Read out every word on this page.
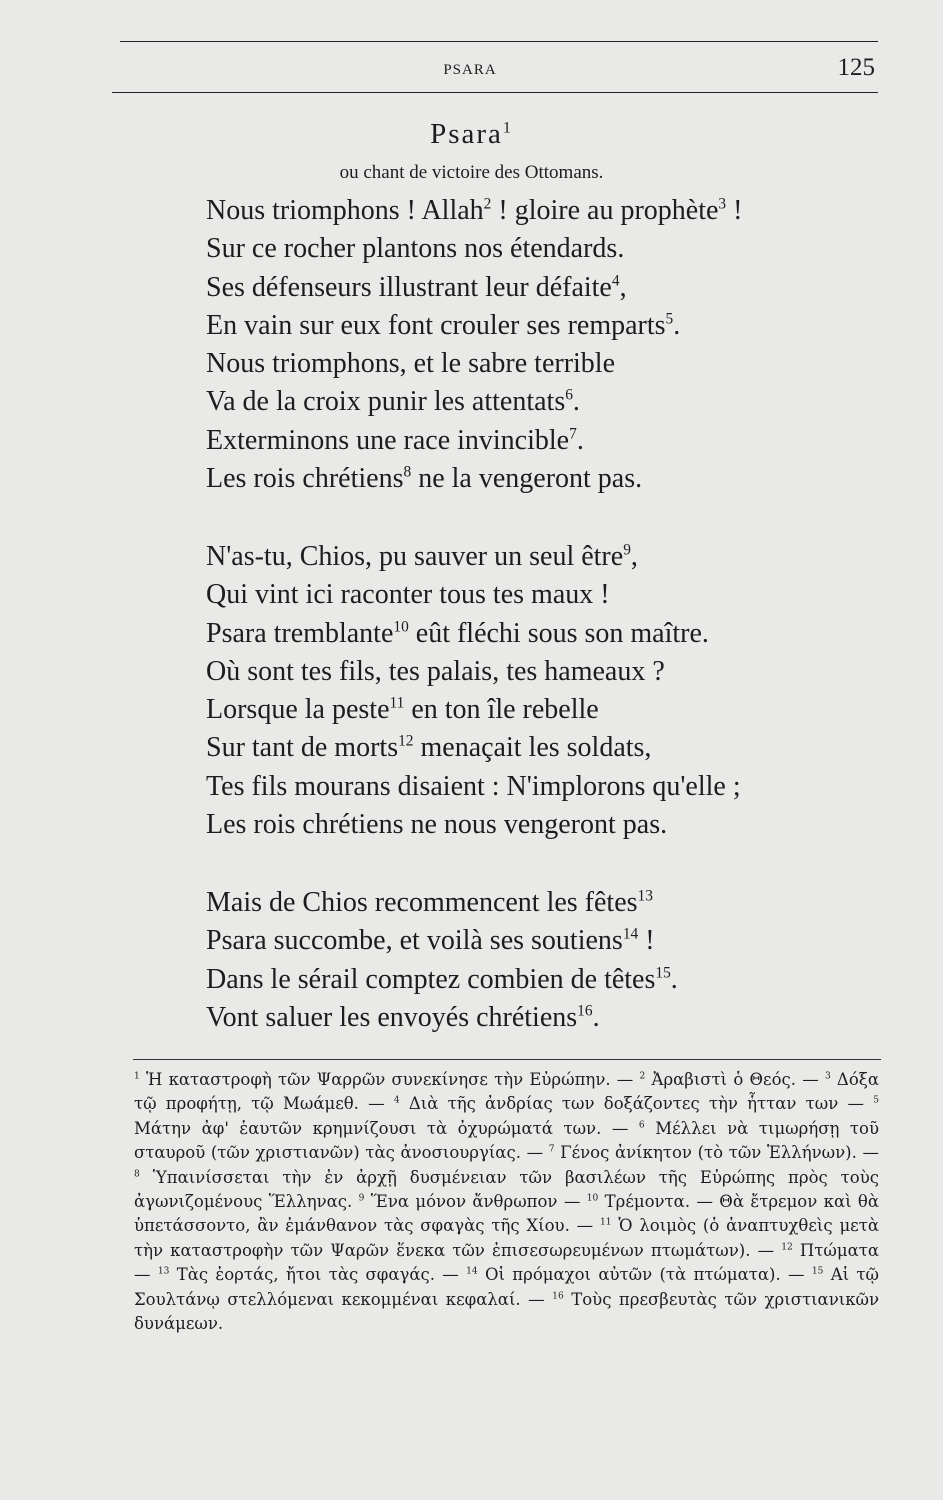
PSARA	125
Psara$^1$
ou chant de victoire des Ottomans.
Nous triomphons ! Allah$^2$ ! gloire au prophète$^3$ !
Sur ce rocher plantons nos étendards.
Ses défenseurs illustrant leur défaite$^4$,
En vain sur eux font crouler ses remparts$^5$.
Nous triomphons, et le sabre terrible
Va de la croix punir les attentats$^6$.
Exterminons une race invincible$^7$.
Les rois chrétiens$^8$ ne la vengeront pas.
N'as-tu, Chios, pu sauver un seul être$^9$,
Qui vint ici raconter tous tes maux !
Psara tremblante$^{10}$ eût fléchi sous son maître.
Où sont tes fils, tes palais, tes hameaux ?
Lorsque la peste$^{11}$ en ton île rebelle
Sur tant de morts$^{12}$ menaçait les soldats,
Tes fils mourans disaient : N'implorons qu'elle ;
Les rois chrétiens ne nous vengeront pas.
Mais de Chios recommencent les fêtes$^{13}$
Psara succombe, et voilà ses soutiens$^{14}$ !
Dans le sérail comptez combien de têtes$^{15}$.
Vont saluer les envoyés chrétiens$^{16}$.
$^1$ Ἡ καταστροφὴ τῶν Ψαρρῶν συνεκίνησε τὴν Εὐρώπην. — $^2$ Ἀραβιστὶ ὁ Θεός. — $^3$ Δόξα τῷ προφήτῃ, τῷ Μωάμεθ. — $^4$ Διὰ τῆς ἀνδρίας των δοξάζοντες τὴν ἧτταν των — $^5$ Μάτην ἀφ' ἑαυτῶν κρημνίζουσι τὰ ὀχυρώματά των. — $^6$ Μέλλει νὰ τιμωρήσῃ τοῦ σταυροῦ (τῶν χριστιανῶν) τὰς ἀνοσιουργίας. — $^7$ Γένος ἀνίκητον (τὸ τῶν Ἑλλήνων). — $^8$ Ὑπαινίσσεται τὴν ἐν ἀρχῇ δυσμένειαν τῶν βασιλέων τῆς Εὐρώπης πρὸς τοὺς ἀγωνιζομένους Ἕλληνας. $^9$ Ἕνα μόνον ἄνθρωπον — $^{10}$ Τρέμοντα. — Θὰ ἔτρεμον καὶ θὰ ὑπετάσσοντο, ἂν ἐμάνθανον τὰς σφαγὰς τῆς Χίου. — $^{11}$ Ὁ λοιμὸς (ὁ ἀναπτυχθεὶς μετὰ τὴν καταστροφὴν τῶν Ψαρῶν ἕνεκα τῶν ἐπισεσωρευμένων πτωμάτων). — $^{12}$ Πτώματα — $^{13}$ Τὰς ἑορτάς, ἤτοι τὰς σφαγάς. — $^{14}$ Οἱ πρόμαχοι αὐτῶν (τὰ πτώματα). — $^{15}$ Αἱ τῷ Σουλτάνῳ στελλόμεναι κεκομμέναι κεφαλαί. — $^{16}$ Τοὺς πρεσβευτὰς τῶν χριστιανικῶν δυνάμεων.
